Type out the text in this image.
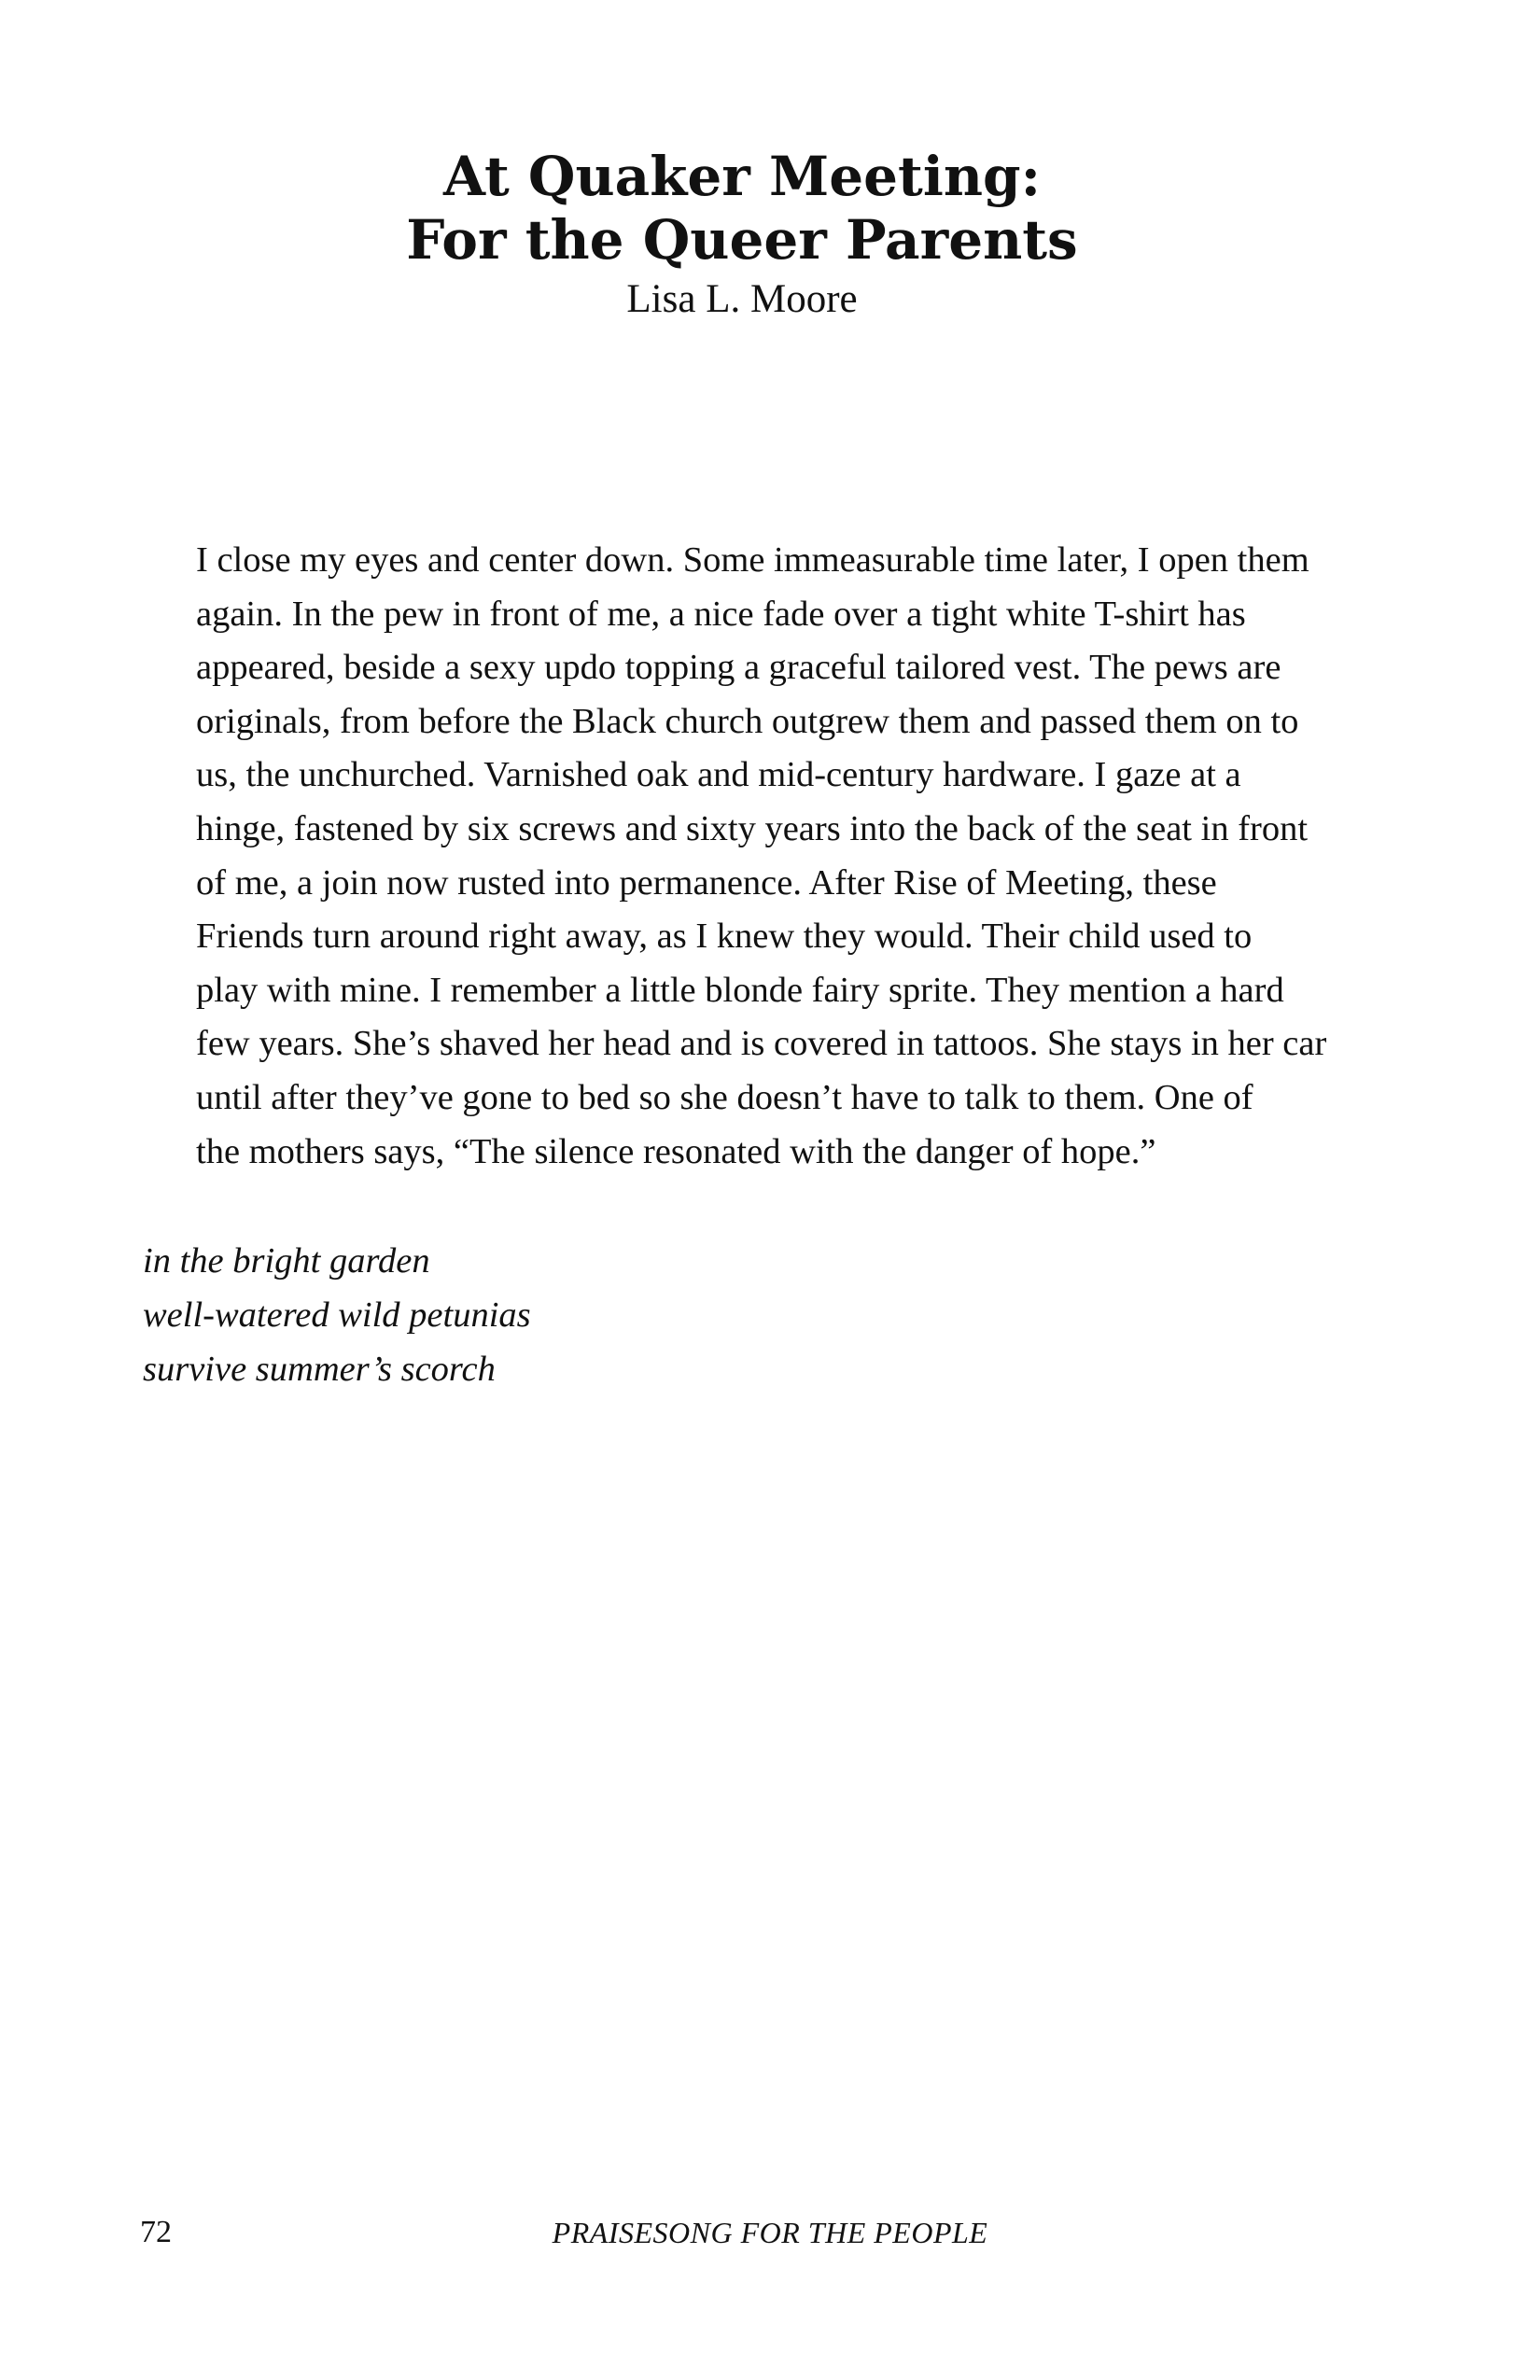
At Quaker Meeting:
For the Queer Parents
Lisa L. Moore
I close my eyes and center down. Some immeasurable time later, I open them
again. In the pew in front of me, a nice fade over a tight white T-shirt has
appeared, beside a sexy updo topping a graceful tailored vest. The pews are
originals, from before the Black church outgrew them and passed them on to
us, the unchurched. Varnished oak and mid-century hardware. I gaze at a
hinge, fastened by six screws and sixty years into the back of the seat in front
of me, a join now rusted into permanence. After Rise of Meeting, these
Friends turn around right away, as I knew they would. Their child used to
play with mine. I remember a little blonde fairy sprite. They mention a hard
few years. She’s shaved her head and is covered in tattoos. She stays in her car
until after they’ve gone to bed so she doesn’t have to talk to them. One of
the mothers says, “The silence resonated with the danger of hope.”
in the bright garden
well-watered wild petunias
survive summer’s scorch
72	PRAISESONG FOR THE PEOPLE
